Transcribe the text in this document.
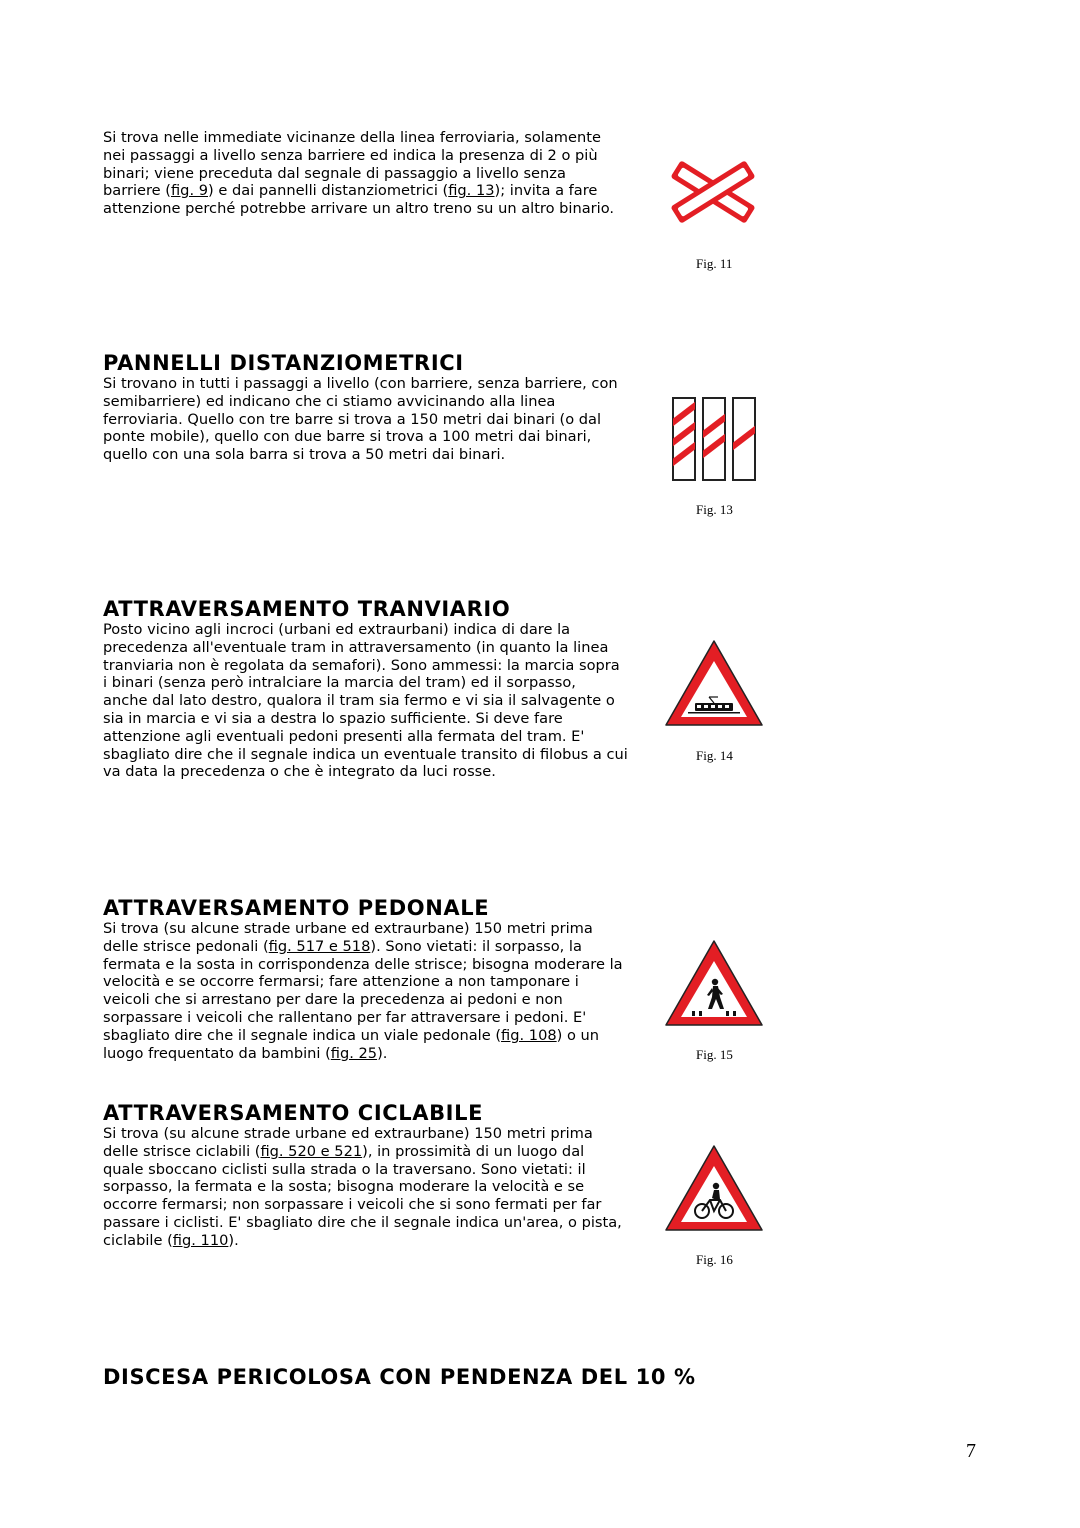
Si trova nelle immediate vicinanze della linea ferroviaria, solamente
nei passaggi a livello senza barriere ed indica la presenza di 2 o più
binari; viene preceduta dal segnale di passaggio a livello senza
barriere (fig. 9) e dai pannelli distanziometrici (fig. 13); invita a fare
attenzione perché potrebbe arrivare un altro treno su un altro binario.

Fig. 11

PANNELLI DISTANZIOMETRICI
Si trovano in tutti i passaggi a livello (con barriere, senza barriere, con
semibarriere) ed indicano che ci stiamo avvicinando alla linea
ferroviaria. Quello con tre barre si trova a 150 metri dai binari (o dal
ponte mobile), quello con due barre si trova a 100 metri dai binari,
quello con una sola barra si trova a 50 metri dai binari.

Fig. 13

ATTRAVERSAMENTO TRANVIARIO
Posto vicino agli incroci (urbani ed extraurbani) indica di dare la
precedenza all'eventuale tram in attraversamento (in quanto la linea
tranviaria non è regolata da semafori). Sono ammessi: la marcia sopra
i binari (senza però intralciare la marcia del tram) ed il sorpasso,
anche dal lato destro, qualora il tram sia fermo e vi sia il salvagente o
sia in marcia e vi sia a destra lo spazio sufficiente. Si deve fare
attenzione agli eventuali pedoni presenti alla fermata del tram. E'
sbagliato dire che il segnale indica un eventuale transito di filobus a cui
va data la precedenza o che è integrato da luci rosse.

Fig. 14

ATTRAVERSAMENTO PEDONALE
Si trova (su alcune strade urbane ed extraurbane) 150 metri prima
delle strisce pedonali (fig. 517 e 518). Sono vietati: il sorpasso, la
fermata e la sosta in corrispondenza delle strisce; bisogna moderare la
velocità e se occorre fermarsi; fare attenzione a non tamponare i
veicoli che si arrestano per dare la precedenza ai pedoni e non
sorpassare i veicoli che rallentano per far attraversare i pedoni. E'
sbagliato dire che il segnale indica un viale pedonale (fig. 108) o un
luogo frequentato da bambini (fig. 25).	Fig. 15

ATTRAVERSAMENTO CICLABILE
Si trova (su alcune strade urbane ed extraurbane) 150 metri prima
delle strisce ciclabili (fig. 520 e 521), in prossimità di un luogo dal
quale sboccano ciclisti sulla strada o la traversano. Sono vietati: il
sorpasso, la fermata e la sosta; bisogna moderare la velocità e se
occorre fermarsi; non sorpassare i veicoli che si sono fermati per far
passare i ciclisti. E' sbagliato dire che il segnale indica un'area, o pista,
ciclabile (fig. 110).

Fig. 16

DISCESA PERICOLOSA CON PENDENZA DEL 10 %
7
